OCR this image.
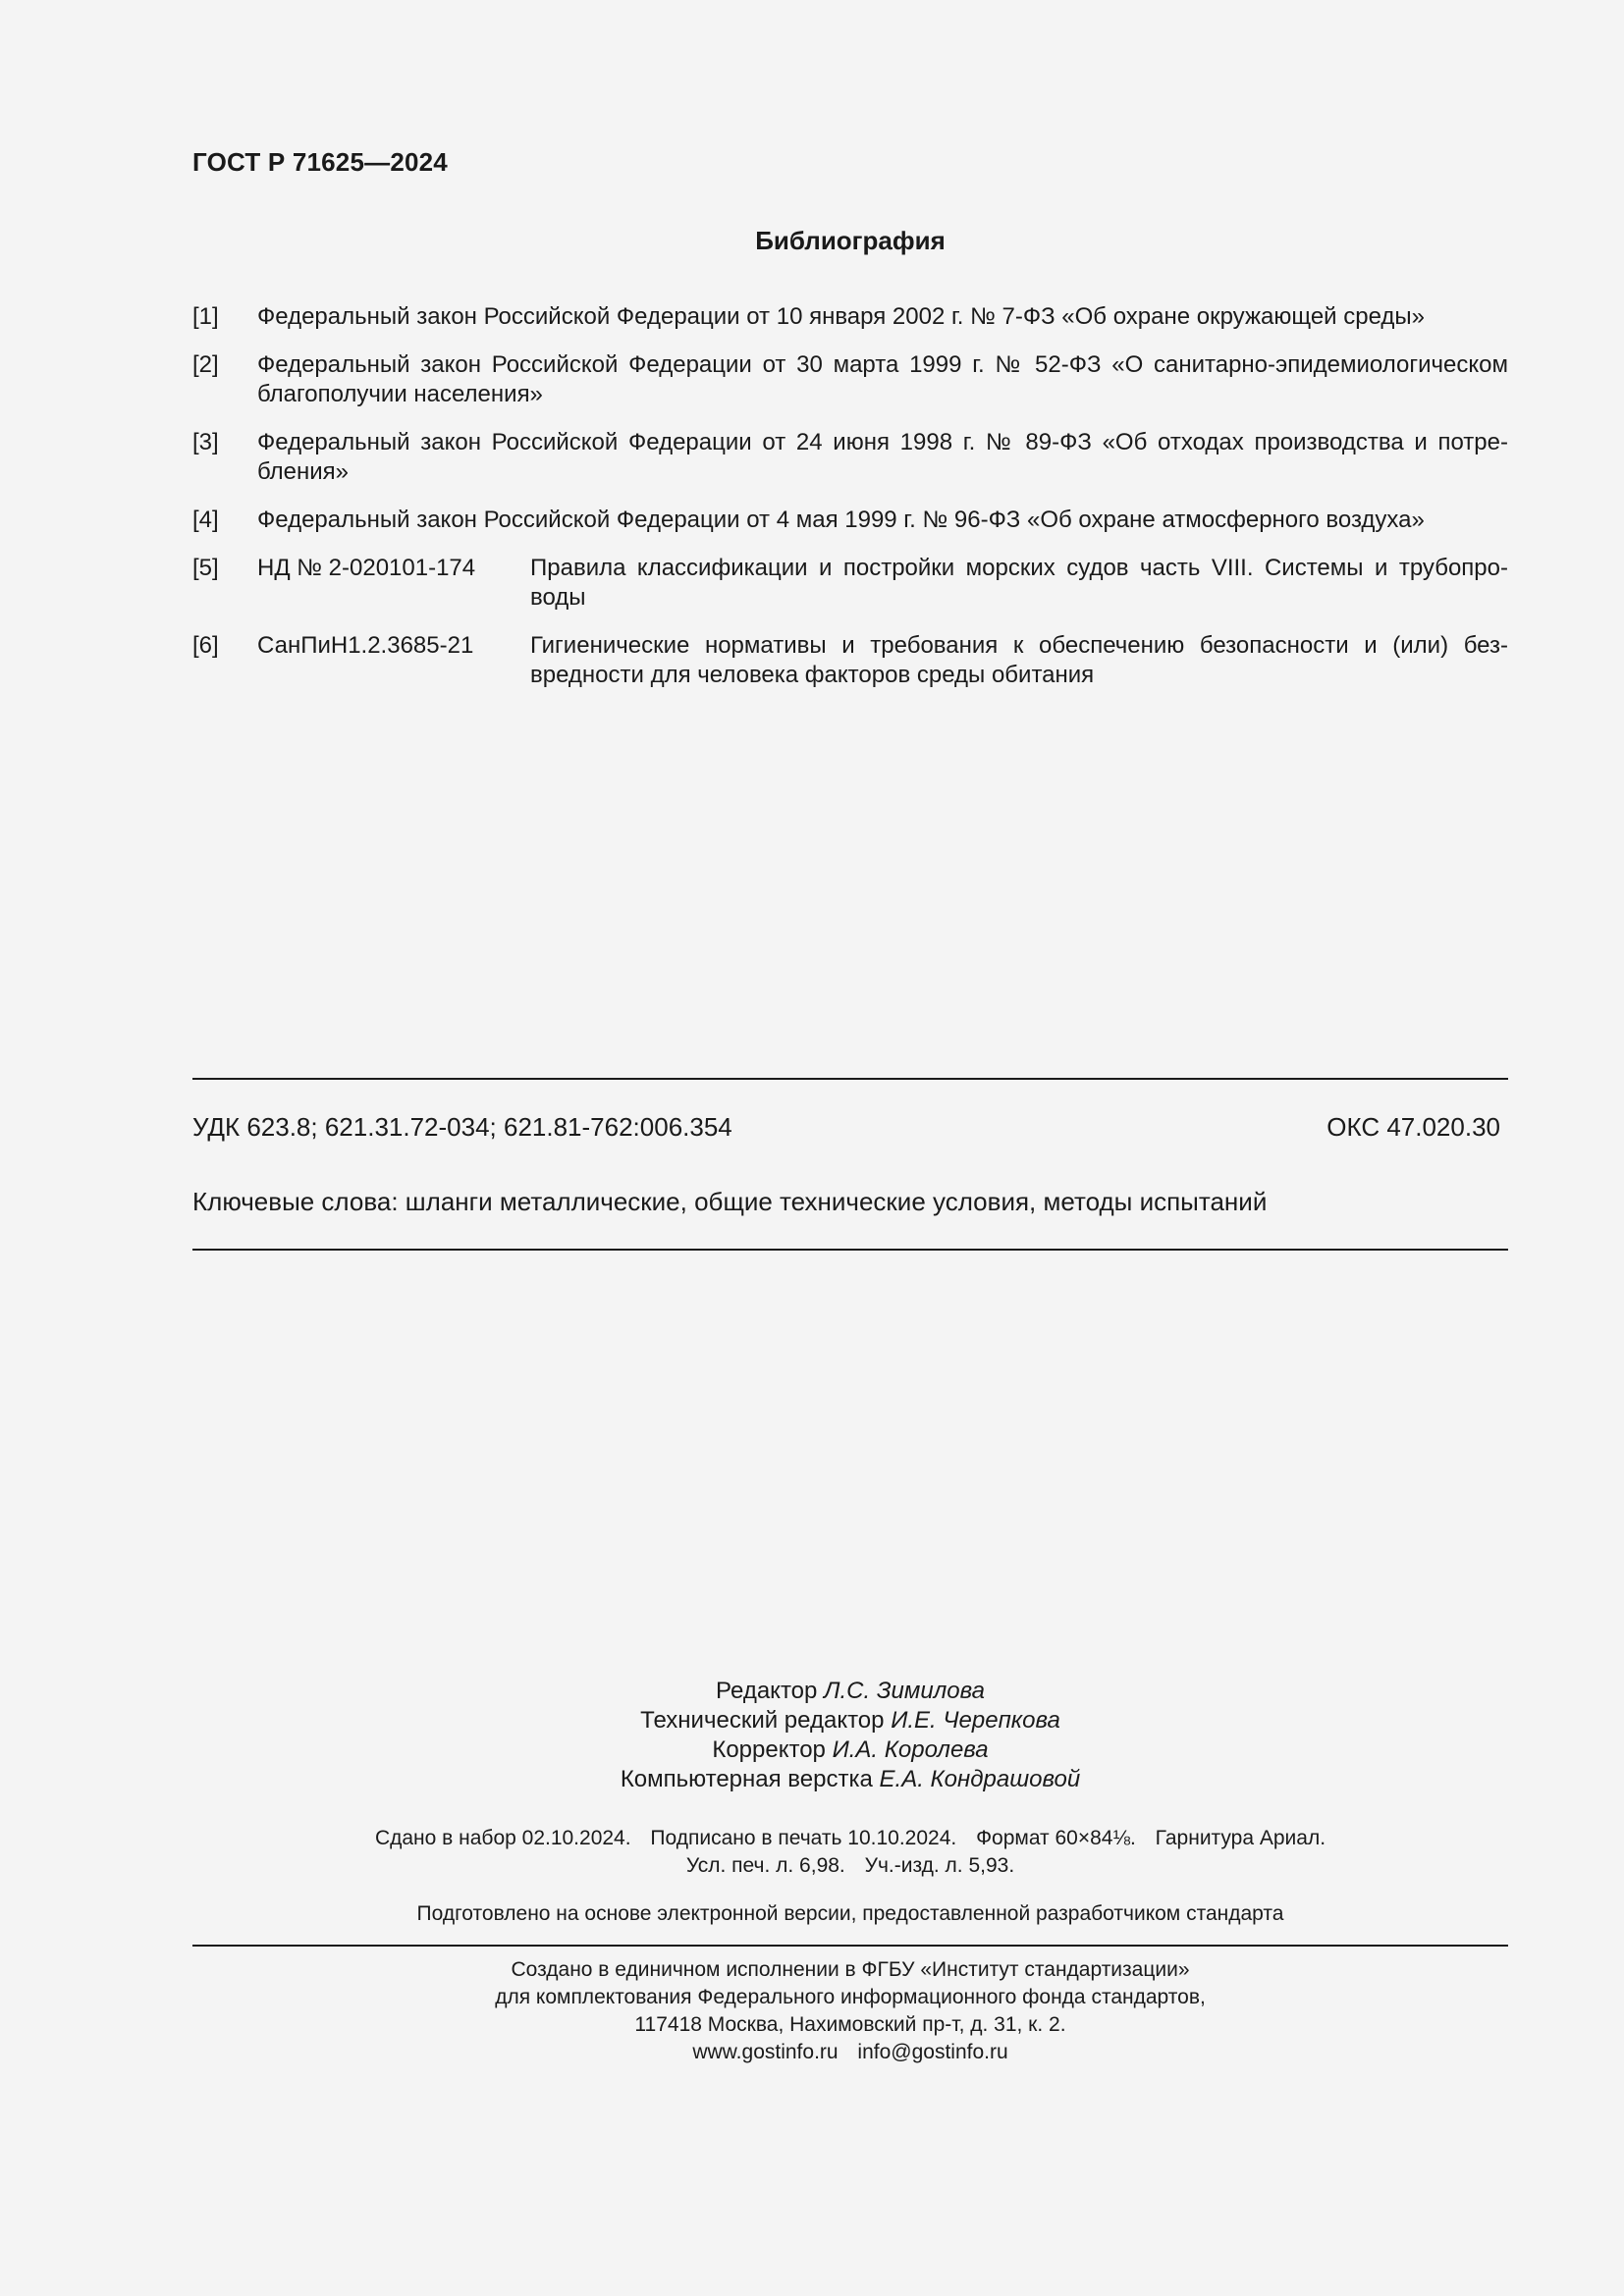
ГОСТ Р 71625—2024
Библиография
[1]	Федеральный закон Российской Федерации от 10 января 2002 г. № 7-ФЗ «Об охране окружающей среды»
[2]	Федеральный закон Российской Федерации от 30 марта 1999 г. № 52-ФЗ «О санитарно-эпидемиологическом благополучии населения»
[3]	Федеральный закон Российской Федерации от 24 июня 1998 г. № 89-ФЗ «Об отходах производства и потребления»
[4]	Федеральный закон Российской Федерации от 4 мая 1999 г. № 96-ФЗ «Об охране атмосферного воздуха»
[5]	НД № 2-020101-174	Правила классификации и постройки морских судов часть VIII. Системы и трубопроводы
[6]	СанПиН1.2.3685-21	Гигиенические нормативы и требования к обеспечению безопасности и (или) безвредности для человека факторов среды обитания
УДК 623.8; 621.31.72-034; 621.81-762:006.354	ОКС 47.020.30
Ключевые слова: шланги металлические, общие технические условия, методы испытаний
Редактор Л.С. Зимилова
Технический редактор И.Е. Черепкова
Корректор И.А. Королева
Компьютерная верстка Е.А. Кондрашовой
Сдано в набор 02.10.2024. Подписано в печать 10.10.2024. Формат 60×84⅛. Гарнитура Ариал.
Усл. печ. л. 6,98. Уч.-изд. л. 5,93.
Подготовлено на основе электронной версии, предоставленной разработчиком стандарта
Создано в единичном исполнении в ФГБУ «Институт стандартизации»
для комплектования Федерального информационного фонда стандартов,
117418 Москва, Нахимовский пр-т, д. 31, к. 2.
www.gostinfo.ru info@gostinfo.ru
